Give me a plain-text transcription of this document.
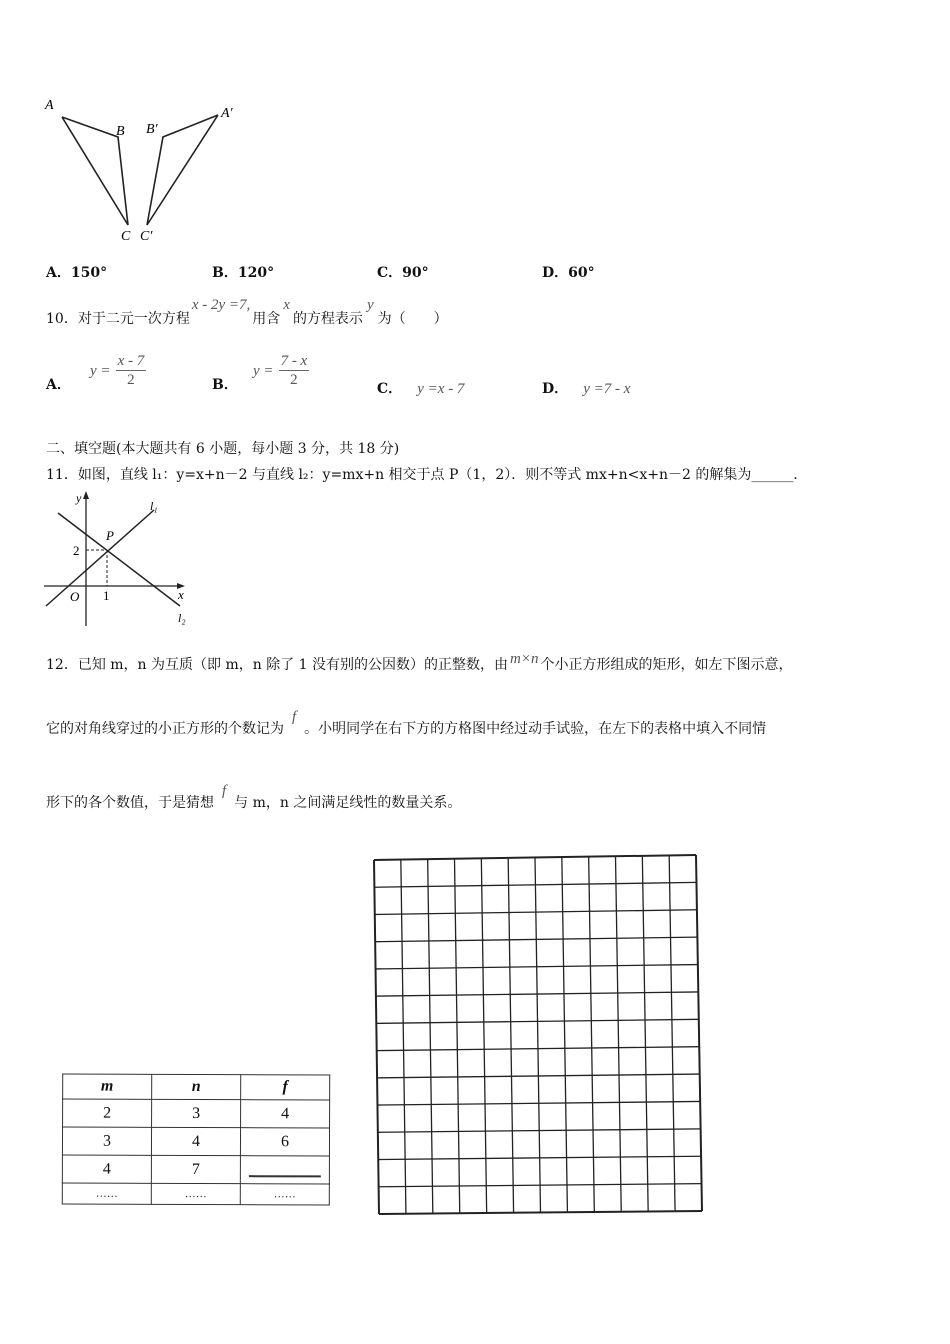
A
B
C
B′
A′
C′
A．150°	B．120°	C．90°	D．60°
10．对于二元一次方程x - 2y =7,用含x的方程表示y为（　　）
A． $y = \frac{x - 7}{2}$	B． $y = \frac{7 - x}{2}$	C． y =x - 7	D． y =7 - x
二、填空题(本大题共有 6 小题，每小题 3 分，共 18 分)
11．如图，直线 l₁：y=x+n－2 与直线 l₂：y=mx+n 相交于点 P（1，2）．则不等式 mx+n<x+n－2 的解集为______．
y
x
O
P
2
1
l₁
l₂
12．已知 m，n 为互质（即 m，n 除了 1 没有别的公因数）的正整数，由 m×n 个小正方形组成的矩形，如左下图示意，
它的对角线穿过的小正方形的个数记为f。小明同学在右下方的方格图中经过动手试验，在左下的表格中填入不同情
形下的各个数值，于是猜想f与 m，n 之间满足线性的数量关系。
m	n	f
2	3	4
3	4	6
4	7	

……	……	……
